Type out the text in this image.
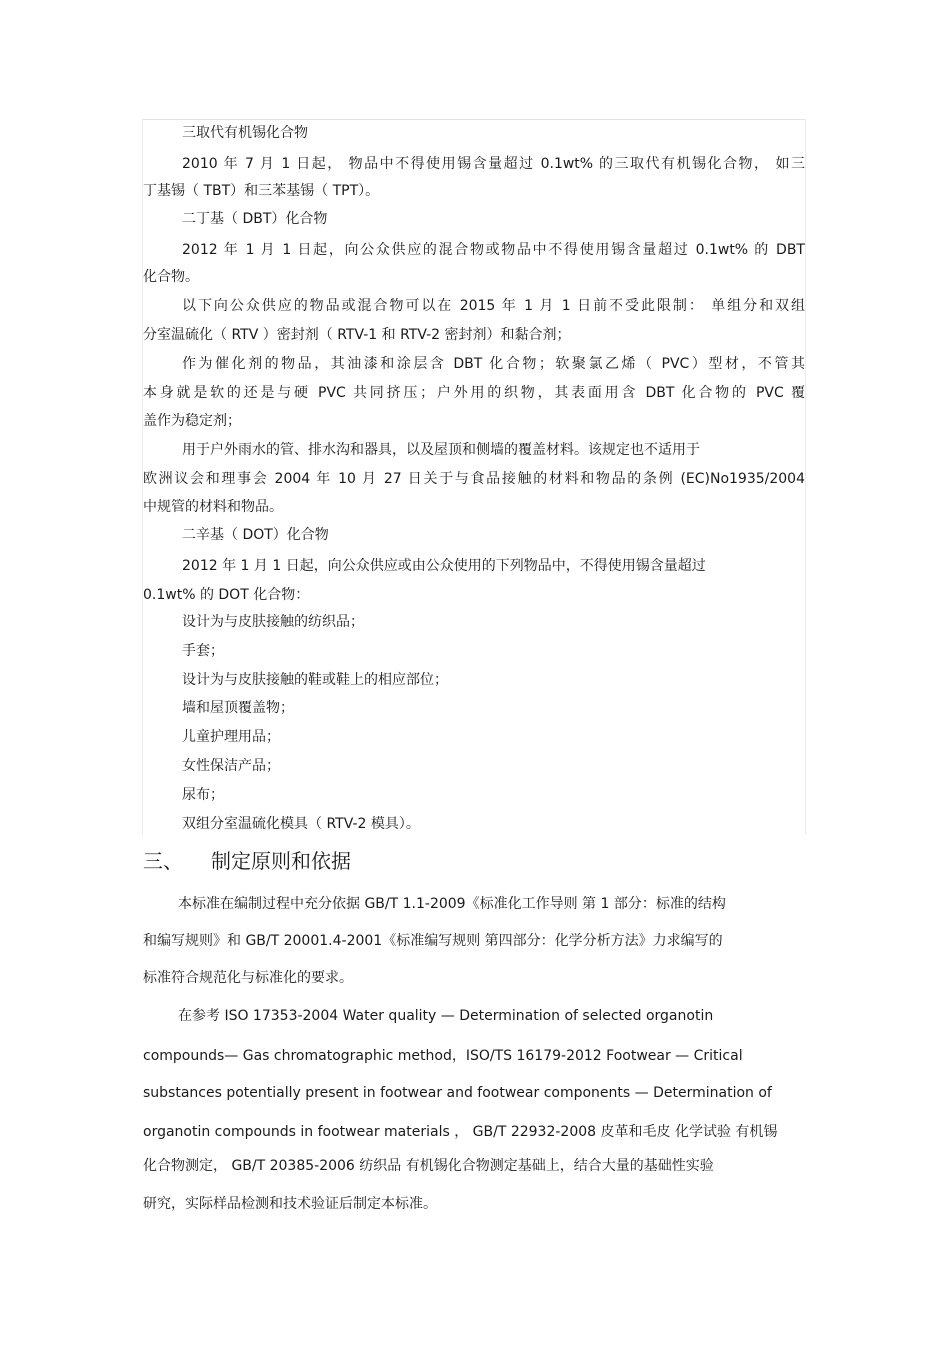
三取代有机锡化合物
2010 年 7 月 1 日起， 物品中不得使用锡含量超过 0.1wt% 的三取代有机锡化合物， 如三
丁基锡（ TBT）和三苯基锡（ TPT）。
二丁基（ DBT）化合物
2012 年 1 月 1 日起，向公众供应的混合物或物品中不得使用锡含量超过 0.1wt% 的 DBT
化合物。
以下向公众供应的物品或混合物可以在 2015 年 1 月 1 日前不受此限制： 单组分和双组
分室温硫化（ RTV ）密封剂（ RTV-1 和 RTV-2 密封剂）和黏合剂；
作为催化剂的物品，其油漆和涂层含 DBT 化合物；软聚氯乙烯（ PVC）型材，不管其
本身就是软的还是与硬 PVC 共同挤压；户外用的织物，其表面用含 DBT 化合物的 PVC 覆
盖作为稳定剂；
用于户外雨水的管、排水沟和器具，以及屋顶和侧墙的覆盖材料。该规定也不适用于
欧洲议会和理事会 2004 年 10 月 27 日关于与食品接触的材料和物品的条例 (EC)No1935/2004
中规管的材料和物品。
二辛基（ DOT）化合物
2012 年 1 月 1 日起，向公众供应或由公众使用的下列物品中，不得使用锡含量超过
0.1wt% 的 DOT 化合物：
设计为与皮肤接触的纺织品；
手套；
设计为与皮肤接触的鞋或鞋上的相应部位；
墙和屋顶覆盖物；
儿童护理用品；
女性保洁产品；
尿布；
双组分室温硫化模具（ RTV-2 模具）。
三、 制定原则和依据
本标准在编制过程中充分依据 GB/T 1.1-2009《标准化工作导则 第 1 部分：标准的结构
和编写规则》和 GB/T 20001.4-2001《标准编写规则 第四部分：化学分析方法》力求编写的
标准符合规范化与标准化的要求。
在参考 ISO 17353-2004 Water quality — Determination of selected organotin
compounds— Gas chromatographic method，ISO/TS 16179-2012 Footwear — Critical
substances potentially present in footwear and footwear components — Determination of
organotin compounds in footwear materials ， GB/T 22932-2008 皮革和毛皮 化学试验 有机锡
化合物测定， GB/T 20385-2006 纺织品 有机锡化合物测定基础上，结合大量的基础性实验
研究，实际样品检测和技术验证后制定本标准。
